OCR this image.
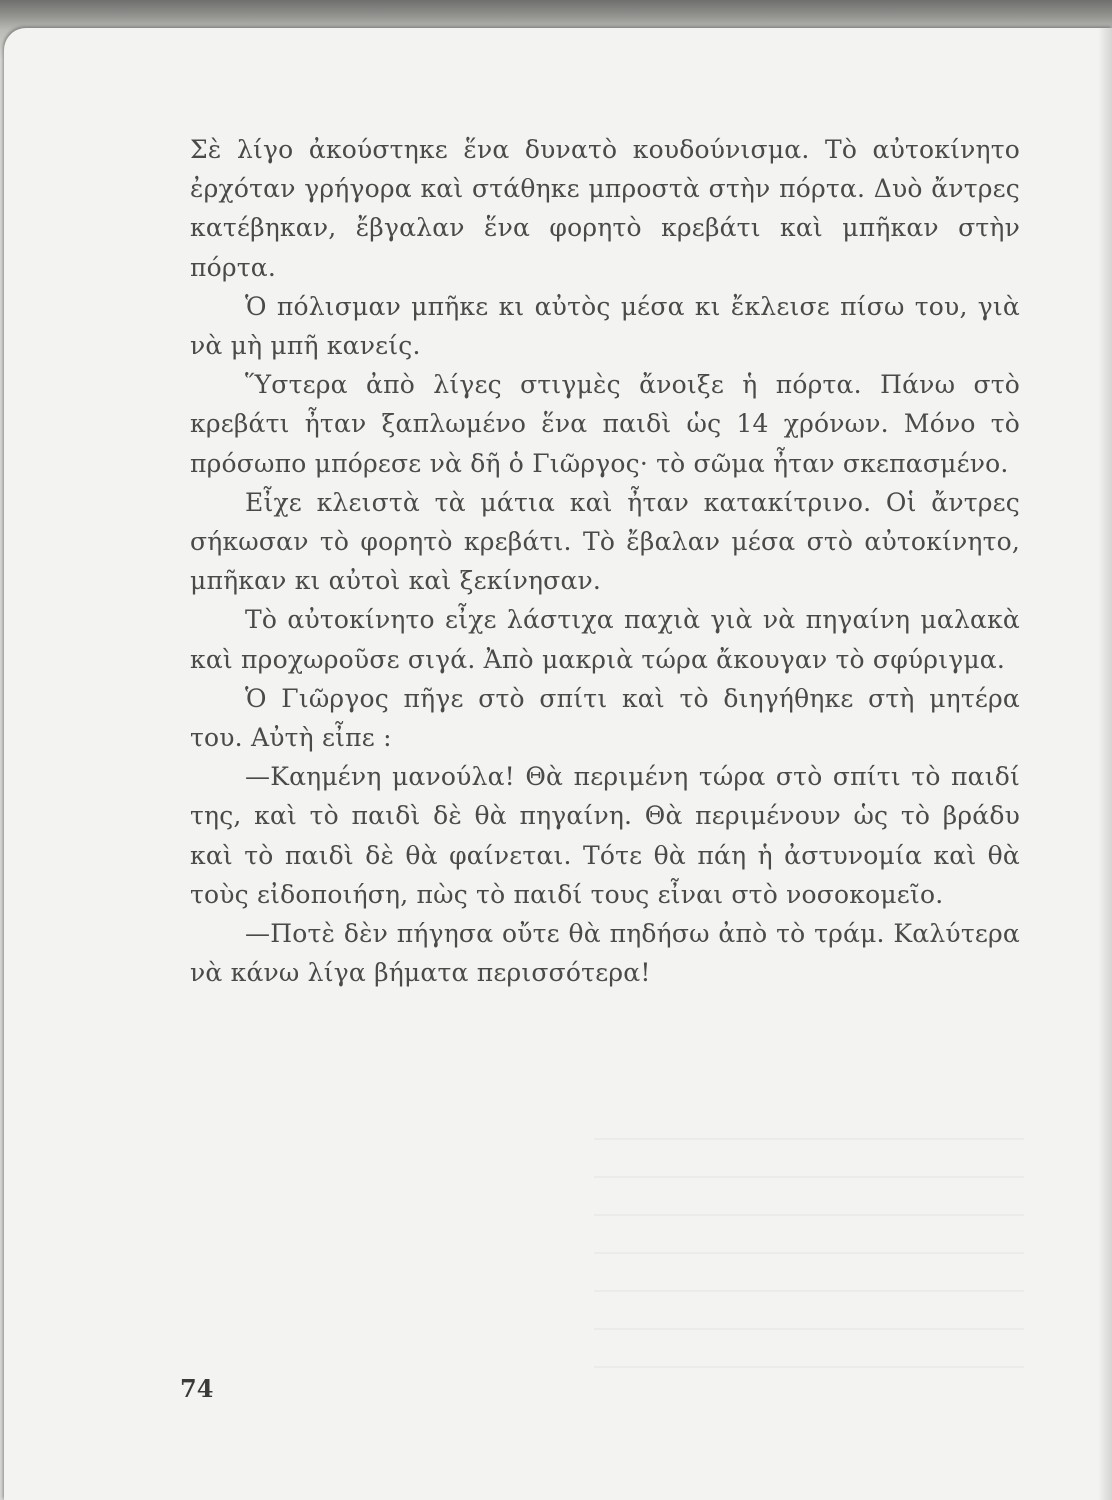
Σὲ λίγο ἀκούστηκε ἕνα δυνατὸ κουδούνισμα. Τὸ αὐτοκίνητο ἐρχόταν γρήγορα καὶ στάθηκε μπροστὰ στὴν πόρτα. Δυὸ ἄντρες κατέβηκαν, ἔβγαλαν ἕνα φορητὸ κρεβάτι καὶ μπῆκαν στὴν πόρτα.

Ὁ πόλισμαν μπῆκε κι αὐτὸς μέσα κι ἔκλεισε πίσω του, γιὰ νὰ μὴ μπῆ κανείς.

Ὕστερα ἀπὸ λίγες στιγμὲς ἄνοιξε ἡ πόρτα. Πάνω στὸ κρεβάτι ἦταν ξαπλωμένο ἕνα παιδὶ ὡς 14 χρόνων. Μόνο τὸ πρόσωπο μπόρεσε νὰ δῆ ὁ Γιῶργος· τὸ σῶμα ἦταν σκεπασμένο.

Εἶχε κλειστὰ τὰ μάτια καὶ ἦταν κατακίτρινο. Οἱ ἄντρες σήκωσαν τὸ φορητὸ κρεβάτι. Τὸ ἔβαλαν μέσα στὸ αὐτοκίνητο, μπῆκαν κι αὐτοὶ καὶ ξεκίνησαν.

Τὸ αὐτοκίνητο εἶχε λάστιχα παχιὰ γιὰ νὰ πηγαίνη μαλακὰ καὶ προχωροῦσε σιγά. Ἀπὸ μακριὰ τώρα ἄκουγαν τὸ σφύριγμα.

Ὁ Γιῶργος πῆγε στὸ σπίτι καὶ τὸ διηγήθηκε στὴ μητέρα του. Αὐτὴ εἶπε :

—Καημένη μανούλα! Θὰ περιμένη τώρα στὸ σπίτι τὸ παιδί της, καὶ τὸ παιδὶ δὲ θὰ πηγαίνη. Θὰ περιμένουν ὡς τὸ βράδυ καὶ τὸ παιδὶ δὲ θὰ φαίνεται. Τότε θὰ πάη ἡ ἀστυνομία καὶ θὰ τοὺς εἰδοποιήση, πὼς τὸ παιδί τους εἶναι στὸ νοσοκομεῖο.

—Ποτὲ δὲν πήγησα οὔτε θὰ πηδήσω ἀπὸ τὸ τράμ. Καλύτερα νὰ κάνω λίγα βήματα περισσότερα!

74
